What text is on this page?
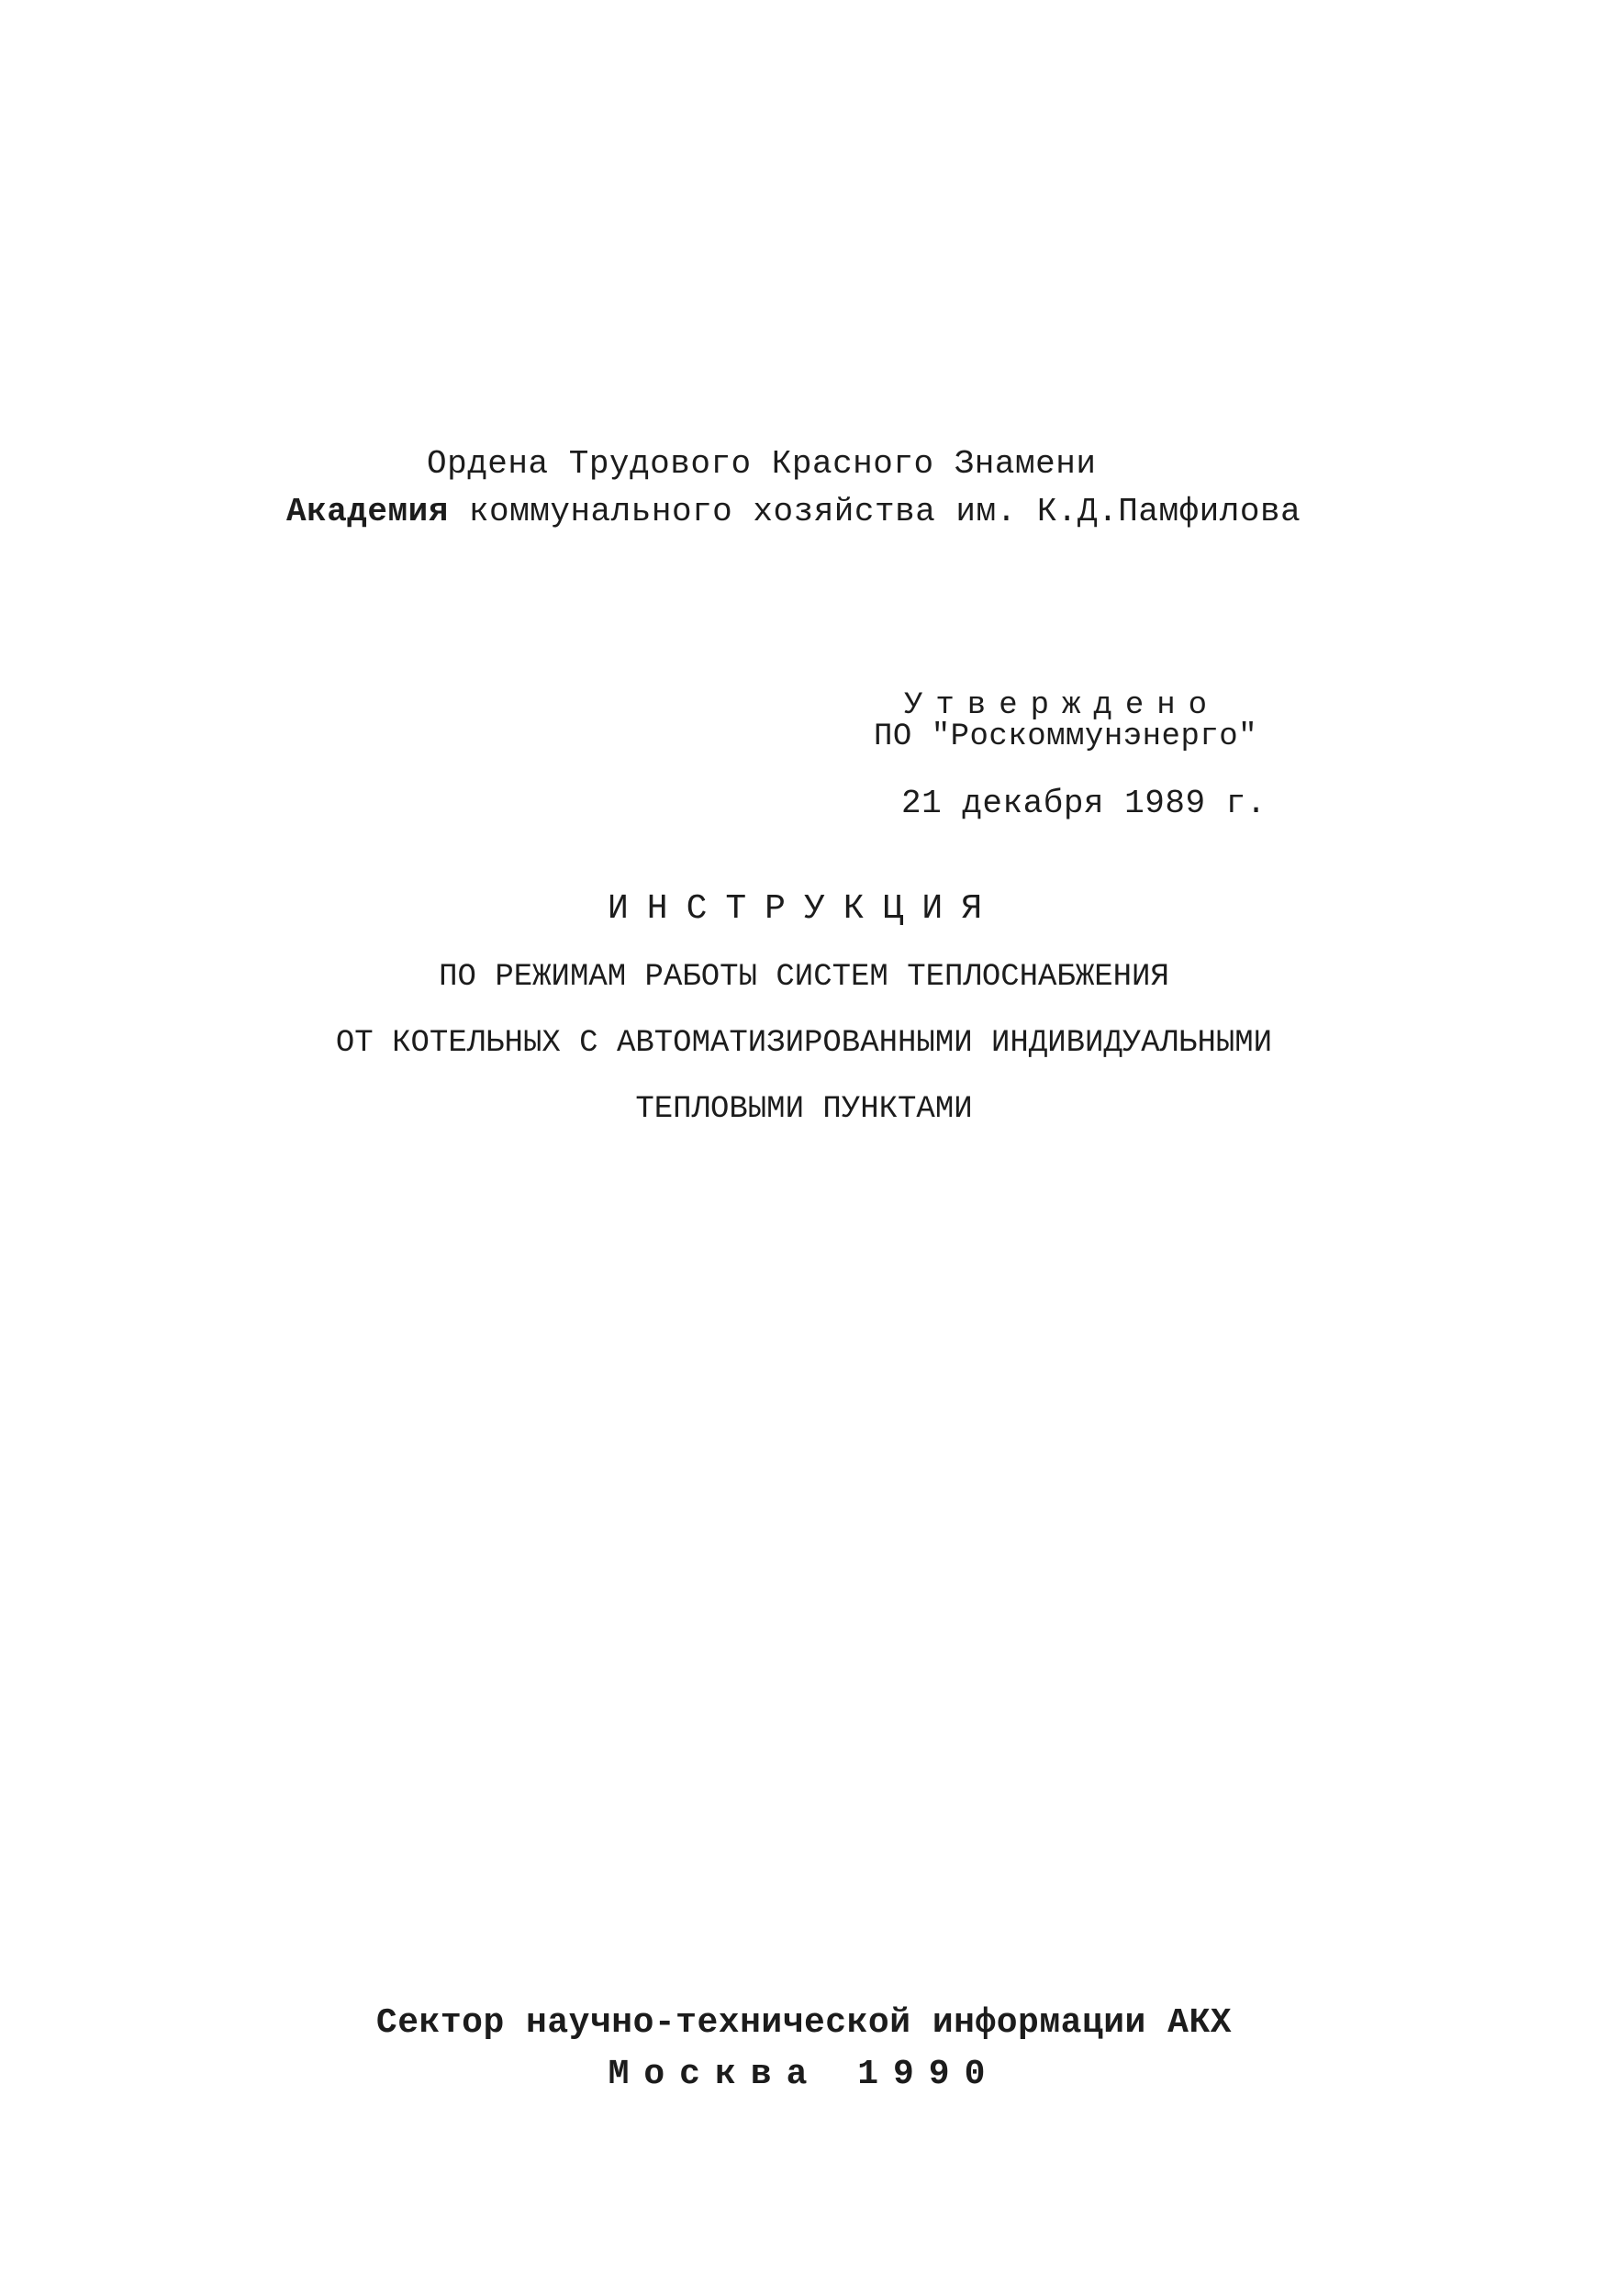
Ордена Трудового Красного Знамени
Академия коммунального хозяйства им. К.Д.Памфилова
Утверждено
ПО "Роскоммунэнерго"
21 декабря 1989 г.
ИНСТРУКЦИЯ
ПО РЕЖИМАМ РАБОТЫ СИСТЕМ ТЕПЛОСНАБЖЕНИЯ
ОТ КОТЕЛЬНЫХ С АВТОМАТИЗИРОВАННЫМИ ИНДИВИДУАЛЬНЫМИ
ТЕПЛОВЫМИ ПУНКТАМИ
Сектор научно-технической информации АКХ
Москва 1990
